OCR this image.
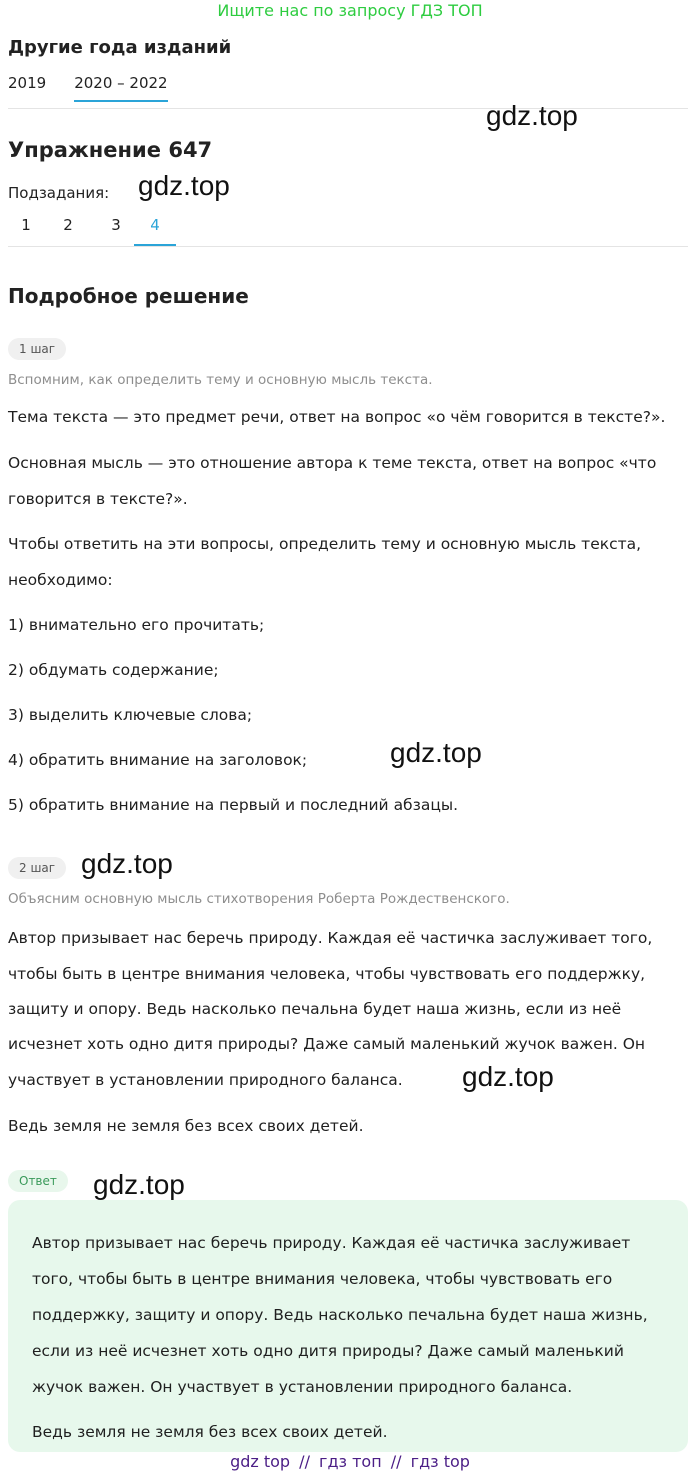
Ищите нас по запросу ГДЗ ТОП
Другие года изданий
2019 2020 – 2022
Упражнение 647
Подзадания:
1	2	3	4
Подробное решение
1 шаг
Вспомним, как определить тему и основную мысль текста.
Тема текста — это предмет речи, ответ на вопрос «о чём говорится в тексте?».
Основная мысль — это отношение автора к теме текста, ответ на вопрос «что
говорится в тексте?».
Чтобы ответить на эти вопросы, определить тему и основную мысль текста,
необходимо:
1) внимательно его прочитать;
2) обдумать содержание;
3) выделить ключевые слова;
4) обратить внимание на заголовок;
5) обратить внимание на первый и последний абзацы.
2 шаг
Объясним основную мысль стихотворения Роберта Рождественского.
Автор призывает нас беречь природу. Каждая её частичка заслуживает того,
чтобы быть в центре внимания человека, чтобы чувствовать его поддержку,
защиту и опору. Ведь насколько печальна будет наша жизнь, если из неё
исчезнет хоть одно дитя природы? Даже самый маленький жучок важен. Он
участвует в установлении природного баланса.
Ведь земля не земля без всех своих детей.
Ответ
Автор призывает нас беречь природу. Каждая её частичка заслуживает
того, чтобы быть в центре внимания человека, чтобы чувствовать его
поддержку, защиту и опору. Ведь насколько печальна будет наша жизнь,
если из неё исчезнет хоть одно дитя природы? Даже самый маленький
жучок важен. Он участвует в установлении природного баланса.
Ведь земля не земля без всех своих детей.
gdz.top
gdz.top
gdz.top
gdz.top
gdz.top
gdz.top
gdz top // гдз топ // гдз top
